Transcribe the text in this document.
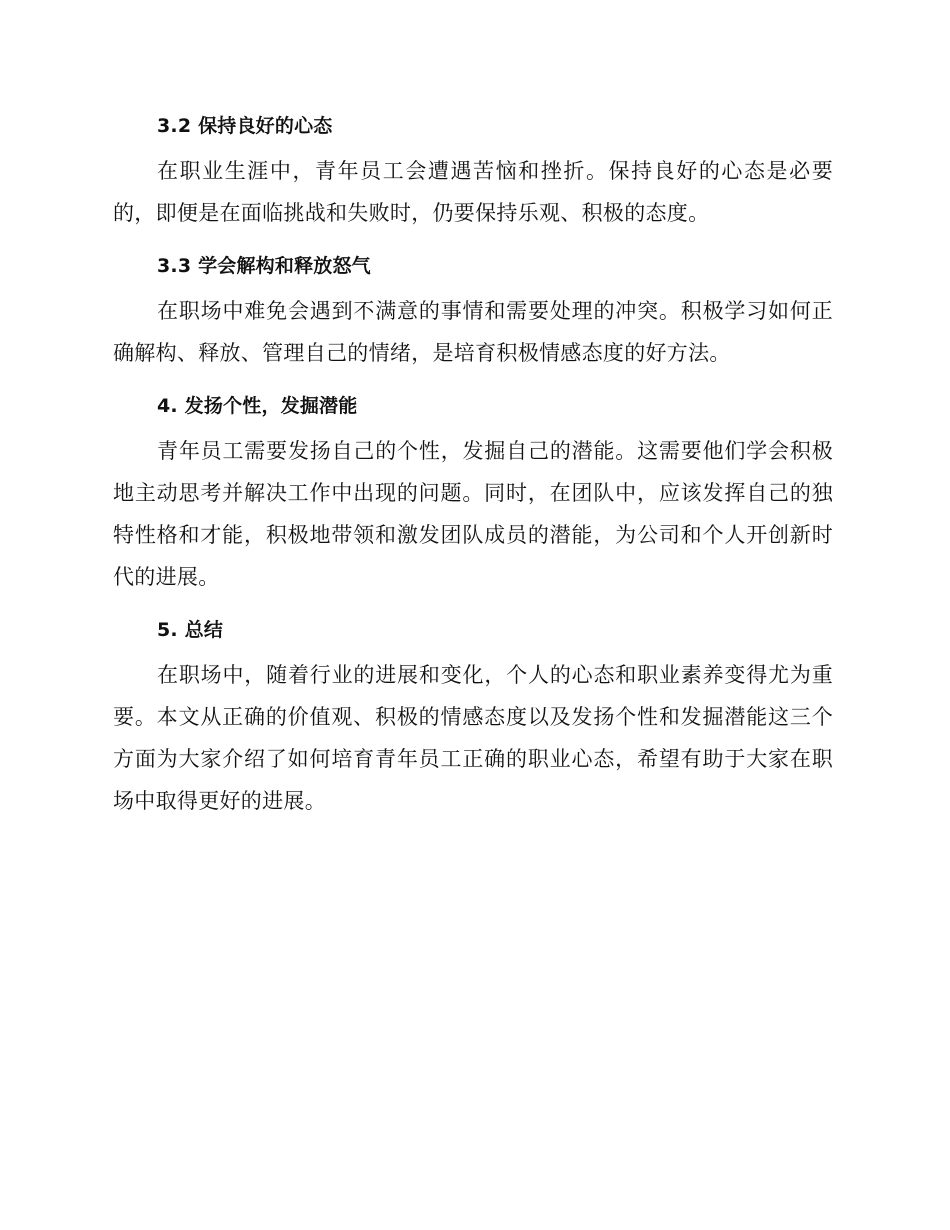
3.2 保持良好的心态

在职业生涯中，青年员工会遭遇苦恼和挫折。保持良好的心态是必要的，即便是在面临挑战和失败时，仍要保持乐观、积极的态度。

3.3 学会解构和释放怒气

在职场中难免会遇到不满意的事情和需要处理的冲突。积极学习如何正确解构、释放、管理自己的情绪，是培育积极情感态度的好方法。

4. 发扬个性，发掘潜能

青年员工需要发扬自己的个性，发掘自己的潜能。这需要他们学会积极地主动思考并解决工作中出现的问题。同时，在团队中，应该发挥自己的独特性格和才能，积极地带领和激发团队成员的潜能，为公司和个人开创新时代的进展。

5. 总结

在职场中，随着行业的进展和变化，个人的心态和职业素养变得尤为重要。本文从正确的价值观、积极的情感态度以及发扬个性和发掘潜能这三个方面为大家介绍了如何培育青年员工正确的职业心态，希望有助于大家在职场中取得更好的进展。
